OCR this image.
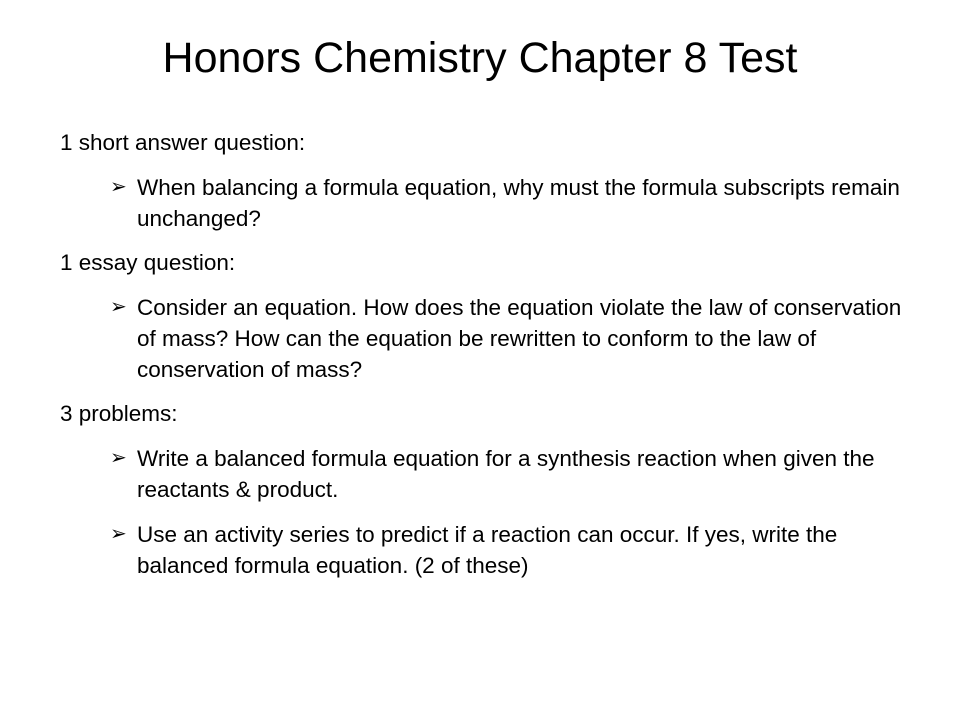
Honors Chemistry Chapter 8 Test

1 short answer question:

➢ When balancing a formula equation, why must the formula subscripts remain unchanged?

1 essay question:

➢ Consider an equation. How does the equation violate the law of conservation of mass? How can the equation be rewritten to conform to the law of conservation of mass?

3 problems:

➢ Write a balanced formula equation for a synthesis reaction when given the reactants & product.
➢ Use an activity series to predict if a reaction can occur. If yes, write the balanced formula equation. (2 of these)
